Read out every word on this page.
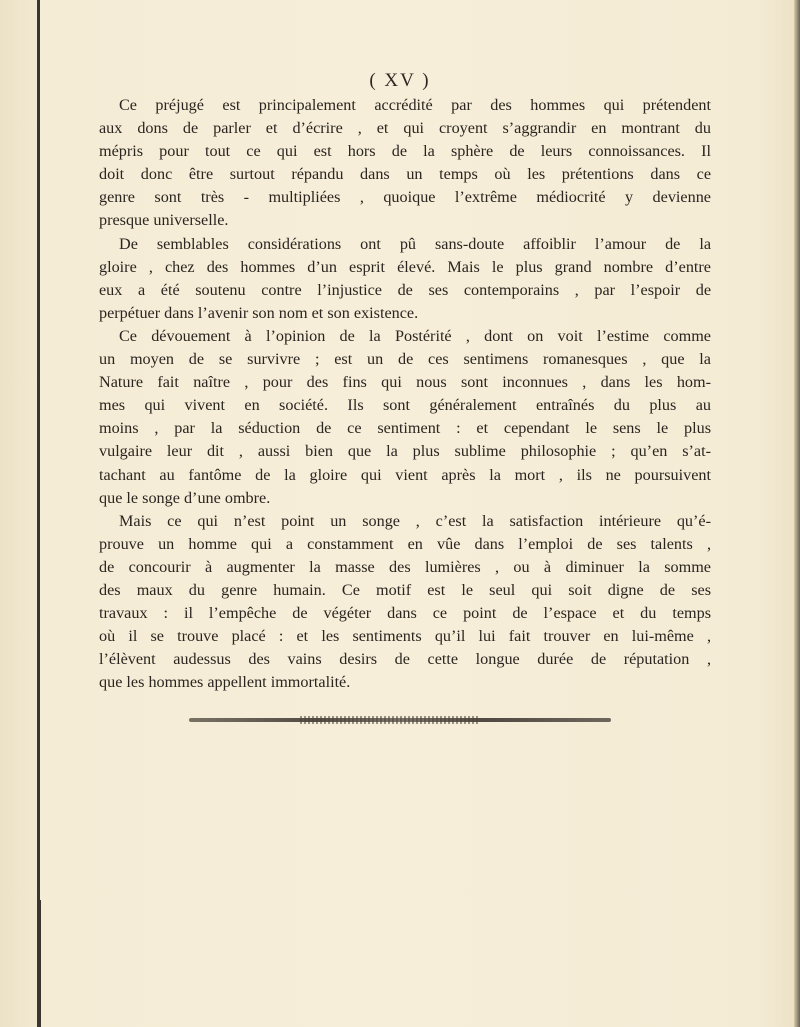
( XV )
Ce préjugé est principalement accrédité par des hommes qui prétendent
aux dons de parler et d’écrire , et qui croyent s’aggrandir en montrant du
mépris pour tout ce qui est hors de la sphère de leurs connoissances. Il
doit donc être surtout répandu dans un temps où les prétentions dans ce
genre sont très - multipliées , quoique l’extrême médiocrité y devienne
presque universelle.
De semblables considérations ont pû sans-doute affoiblir l’amour de la
gloire , chez des hommes d’un esprit élevé. Mais le plus grand nombre d’entre
eux a été soutenu contre l’injustice de ses contemporains , par l’espoir de
perpétuer dans l’avenir son nom et son existence.
Ce dévouement à l’opinion de la Postérité , dont on voit l’estime comme
un moyen de se survivre ; est un de ces sentimens romanesques , que la
Nature fait naître , pour des fins qui nous sont inconnues , dans les hom-
mes qui vivent en société. Ils sont généralement entraînés du plus au
moins , par la séduction de ce sentiment : et cependant le sens le plus
vulgaire leur dit , aussi bien que la plus sublime philosophie ; qu’en s’at-
tachant au fantôme de la gloire qui vient après la mort , ils ne poursuivent
que le songe d’une ombre.
Mais ce qui n’est point un songe , c’est la satisfaction intérieure qu’é-
prouve un homme qui a constamment en vûe dans l’emploi de ses talents ,
de concourir à augmenter la masse des lumières , ou à diminuer la somme
des maux du genre humain. Ce motif est le seul qui soit digne de ses
travaux : il l’empêche de végéter dans ce point de l’espace et du temps
où il se trouve placé : et les sentiments qu’il lui fait trouver en lui-même ,
l’élèvent audessus des vains desirs de cette longue durée de réputation ,
que les hommes appellent immortalité.
